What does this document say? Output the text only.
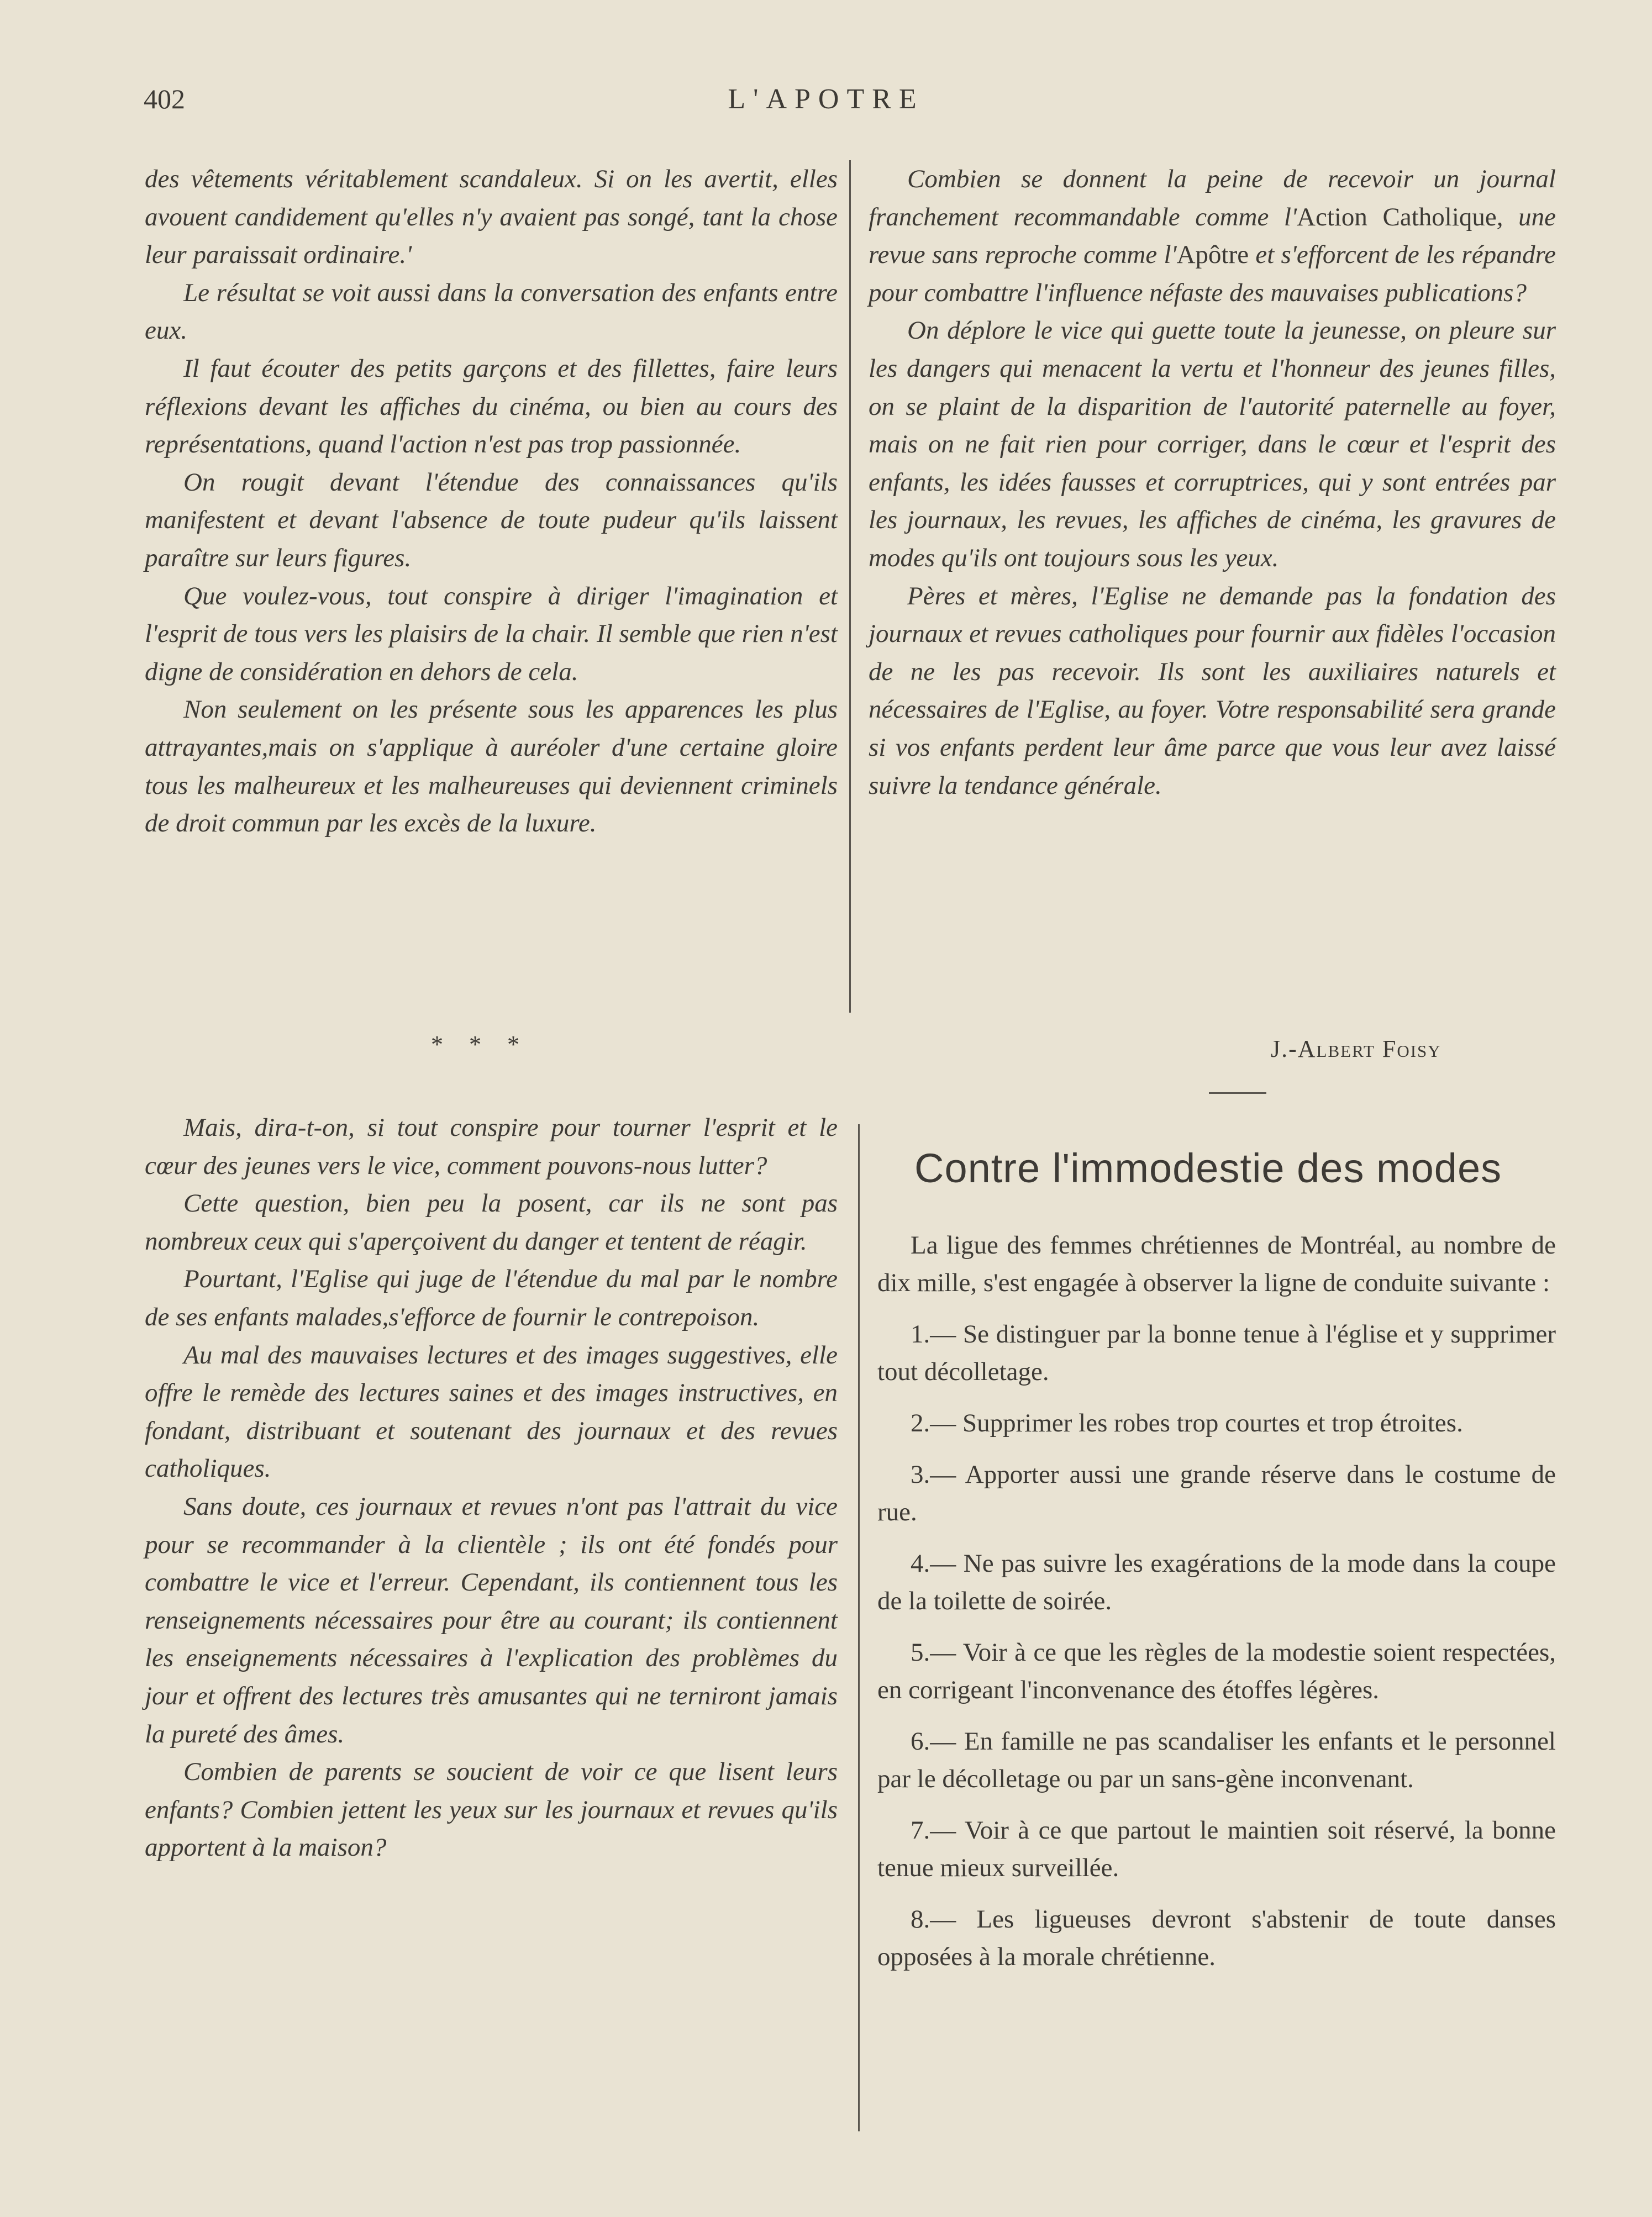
402	L'APOTRE

des vêtements véritablement scandaleux. Si on les avertit, elles avouent candidement qu'elles n'y avaient pas songé, tant la chose leur paraissait ordinaire.'

Le résultat se voit aussi dans la conversation des enfants entre eux.

Il faut écouter des petits garçons et des fillettes, faire leurs réflexions devant les affiches du cinéma, ou bien au cours des représentations, quand l'action n'est pas trop passionnée.

On rougit devant l'étendue des connaissances qu'ils manifestent et devant l'absence de toute pudeur qu'ils laissent paraître sur leurs figures.

Que voulez-vous, tout conspire à diriger l'imagination et l'esprit de tous vers les plaisirs de la chair. Il semble que rien n'est digne de considération en dehors de cela.

Non seulement on les présente sous les apparences les plus attrayantes,mais on s'applique à auréoler d'une certaine gloire tous les malheureux et les malheureuses qui deviennent criminels de droit commun par les excès de la luxure.

* * *

Mais, dira-t-on, si tout conspire pour tourner l'esprit et le cœur des jeunes vers le vice, comment pouvons-nous lutter?

Cette question, bien peu la posent, car ils ne sont pas nombreux ceux qui s'aperçoivent du danger et tentent de réagir.

Pourtant, l'Eglise qui juge de l'étendue du mal par le nombre de ses enfants malades,s'efforce de fournir le contrepoison.

Au mal des mauvaises lectures et des images suggestives, elle offre le remède des lectures saines et des images instructives, en fondant, distribuant et soutenant des journaux et des revues catholiques.

Sans doute, ces journaux et revues n'ont pas l'attrait du vice pour se recommander à la clientèle ; ils ont été fondés pour combattre le vice et l'erreur. Cependant, ils contiennent tous les renseignements nécessaires pour être au courant; ils contiennent les enseignements nécessaires à l'explication des problèmes du jour et offrent des lectures très amusantes qui ne terniront jamais la pureté des âmes.

Combien de parents se soucient de voir ce que lisent leurs enfants? Combien jettent les yeux sur les journaux et revues qu'ils apportent à la maison?

Combien se donnent la peine de recevoir un journal franchement recommandable comme l'Action Catholique, une revue sans reproche comme l'Apôtre et s'efforcent de les répandre pour combattre l'influence néfaste des mauvaises publications?

On déplore le vice qui guette toute la jeunesse, on pleure sur les dangers qui menacent la vertu et l'honneur des jeunes filles, on se plaint de la disparition de l'autorité paternelle au foyer, mais on ne fait rien pour corriger, dans le cœur et l'esprit des enfants, les idées fausses et corruptrices, qui y sont entrées par les journaux, les revues, les affiches de cinéma, les gravures de modes qu'ils ont toujours sous les yeux.

Pères et mères, l'Eglise ne demande pas la fondation des journaux et revues catholiques pour fournir aux fidèles l'occasion de ne les pas recevoir. Ils sont les auxiliaires naturels et nécessaires de l'Eglise, au foyer. Votre responsabilité sera grande si vos enfants perdent leur âme parce que vous leur avez laissé suivre la tendance générale.

J.-Albert Foisy
Contre l'immodestie des modes

La ligue des femmes chrétiennes de Montréal, au nombre de dix mille, s'est engagée à observer la ligne de conduite suivante :

1.— Se distinguer par la bonne tenue à l'église et y supprimer tout décolletage.

2.— Supprimer les robes trop courtes et trop étroites.

3.— Apporter aussi une grande réserve dans le costume de rue.

4.— Ne pas suivre les exagérations de la mode dans la coupe de la toilette de soirée.

5.— Voir à ce que les règles de la modestie soient respectées, en corrigeant l'inconvenance des étoffes légères.

6.— En famille ne pas scandaliser les enfants et le personnel par le décolletage ou par un sans-gène inconvenant.

7.— Voir à ce que partout le maintien soit réservé, la bonne tenue mieux surveillée.

8.— Les ligueuses devront s'abstenir de toute danses opposées à la morale chrétienne.
